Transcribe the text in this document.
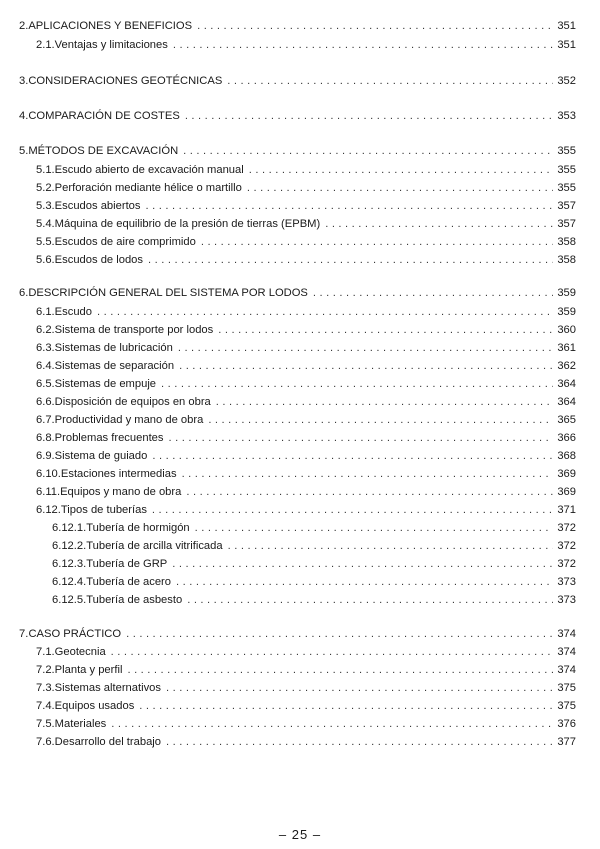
2. APLICACIONES Y BENEFICIOS . . .	351
2.1. Ventajas y limitaciones . . .	351
3. CONSIDERACIONES GEOTÉCNICAS . . .	352
4. COMPARACIÓN DE COSTES . . .	353
5. MÉTODOS DE EXCAVACIÓN . . .	355
5.1. Escudo abierto de excavación manual . . .	355
5.2. Perforación mediante hélice o martillo . . .	355
5.3. Escudos abiertos . . .	357
5.4. Máquina de equilibrio de la presión de tierras (EPBM) . . .	357
5.5. Escudos de aire comprimido . . .	358
5.6. Escudos de lodos . . .	358
6. DESCRIPCIÓN GENERAL DEL SISTEMA POR LODOS . . .	359
6.1. Escudo . . .	359
6.2. Sistema de transporte por lodos . . .	360
6.3. Sistemas de lubricación . . .	361
6.4. Sistemas de separación . . .	362
6.5. Sistemas de empuje . . .	364
6.6. Disposición de equipos en obra . . .	364
6.7. Productividad y mano de obra . . .	365
6.8. Problemas frecuentes . . .	366
6.9. Sistema de guiado . . .	368
6.10. Estaciones intermedias . . .	369
6.11. Equipos y mano de obra . . .	369
6.12. Tipos de tuberías . . .	371
6.12.1. Tubería de hormigón . . .	372
6.12.2. Tubería de arcilla vitrificada . . .	372
6.12.3. Tubería de GRP . . .	372
6.12.4. Tubería de acero . . .	373
6.12.5. Tubería de asbesto . . .	373
7. CASO PRÁCTICO . . .	374
7.1. Geotecnia . . .	374
7.2. Planta y perfil . . .	374
7.3. Sistemas alternativos . . .	375
7.4. Equipos usados . . .	375
7.5. Materiales . . .	376
7.6. Desarrollo del trabajo . . .	377
– 25 –
